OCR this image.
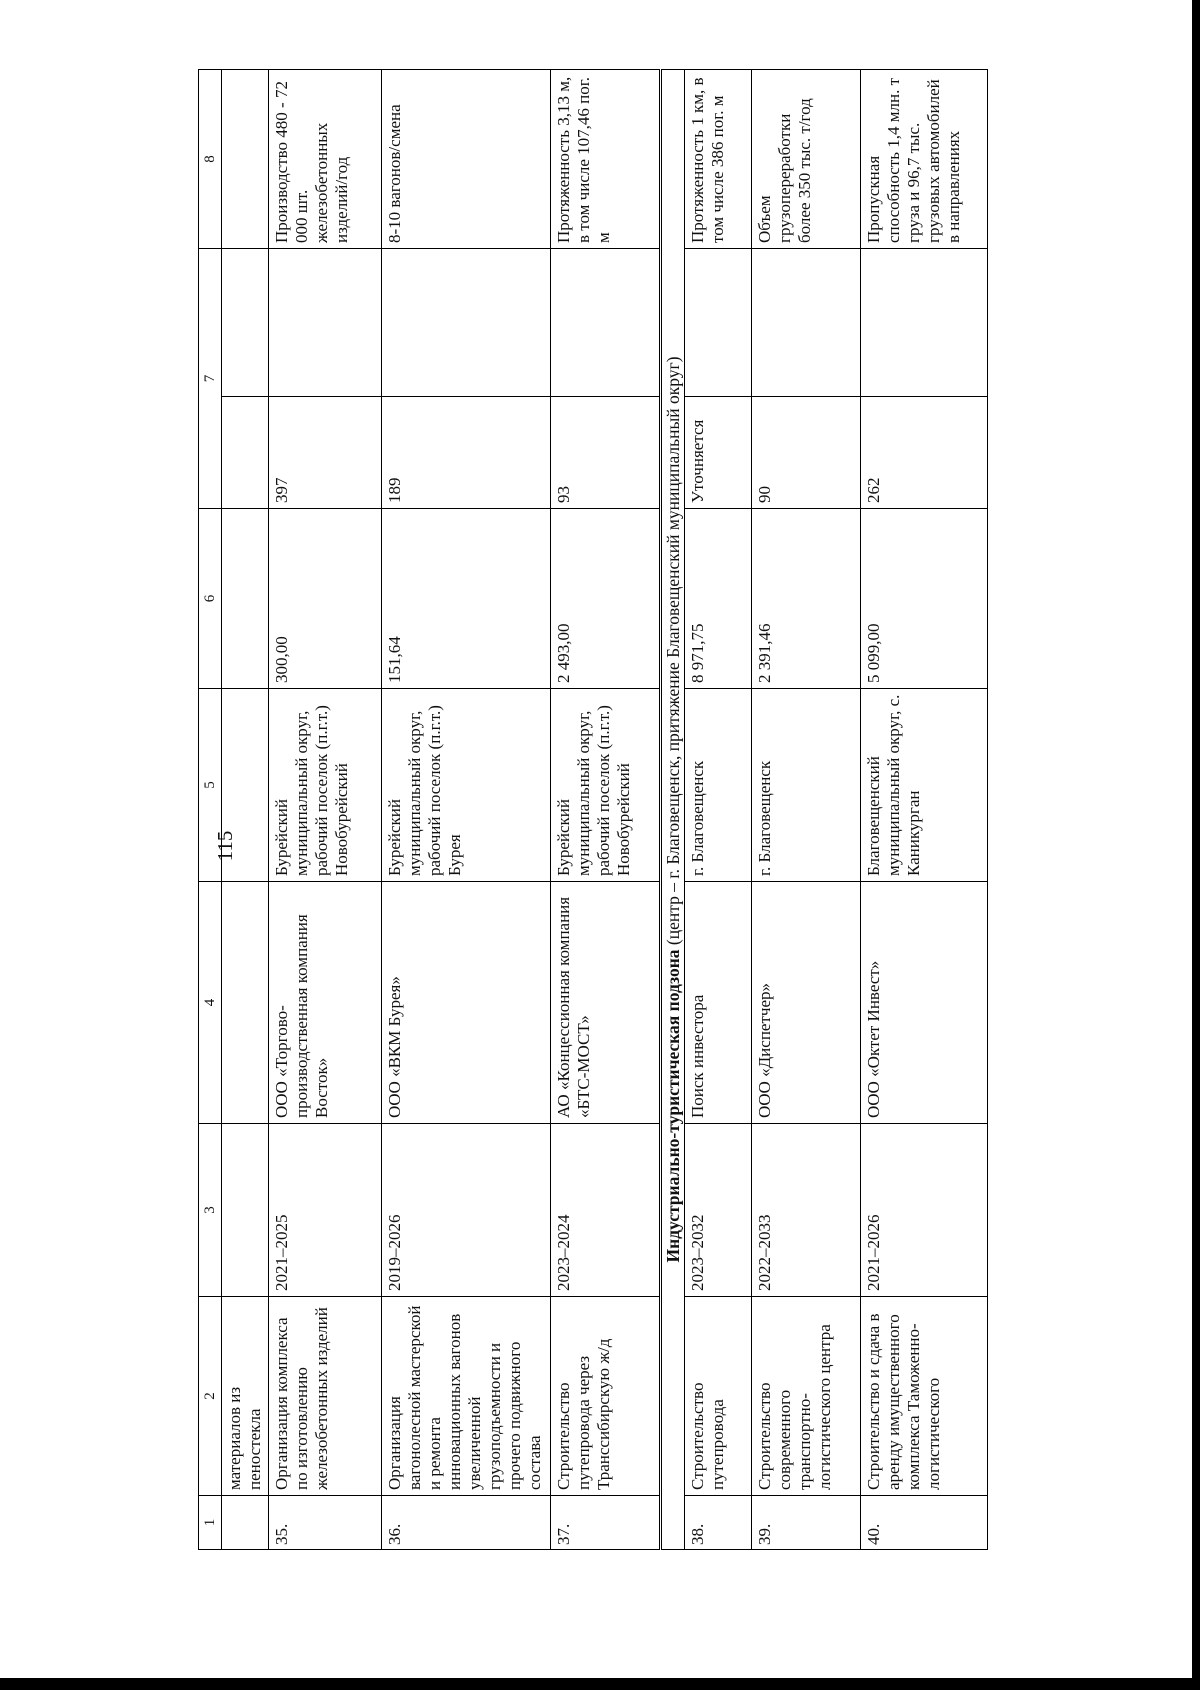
115
1	2	3	4	5	6	7		8
	материалов из пеностекла							
35.	Организация комплекса по изготовлению железобетонных изделий	2021–2025	ООО «Торгово-производственная компания Восток»	Бурейский муниципальный округ, рабочий поселок (п.г.т.) Новобурейский	300,00	397		Производство 480 - 72 000 шт. железобетонных изделий/год
36.	Организация вагонолесной мастерской и ремонта инновационных вагонов увеличенной грузоподъемности и прочего подвижного состава	2019–2026	ООО «ВКМ Бурея»	Бурейский муниципальный округ, рабочий поселок (п.г.т.) Бурея	151,64	189		8-10 вагонов/смена
37.	Строительство путепровода через Транссибирскую ж/д	2023–2024	АО «Концессионная компания «БТС-МОСТ»	Бурейский муниципальный округ, рабочий поселок (п.г.т.) Новобурейский	2 493,00	93		Протяженность 3,13 м, в том числе 107,46 пог. м
Индустриально-туристическая подзона (центр – г. Благовещенск, притяжение Благовещенский муниципальный округ)								
38.	Строительство путепровода	2023–2032	Поиск инвестора	г. Благовещенск	8 971,75	Уточняется		Протяженность 1 км, в том числе 386 пог. м
39.	Строительство современного транспортно-логистического центра	2022–2033	ООО «Диспетчер»	г. Благовещенск	2 391,46	90		Объем грузопереработки более 350 тыс. т/год
40.	Строительство и сдача в аренду имущественного комплекса Таможенно-логистического	2021–2026	ООО «Октет Инвест»	Благовещенский муниципальный округ, с. Каникурган	5 099,00	262		Пропускная способность 1,4 млн. т груза и 96,7 тыс. грузовых автомобилей в направлениях
